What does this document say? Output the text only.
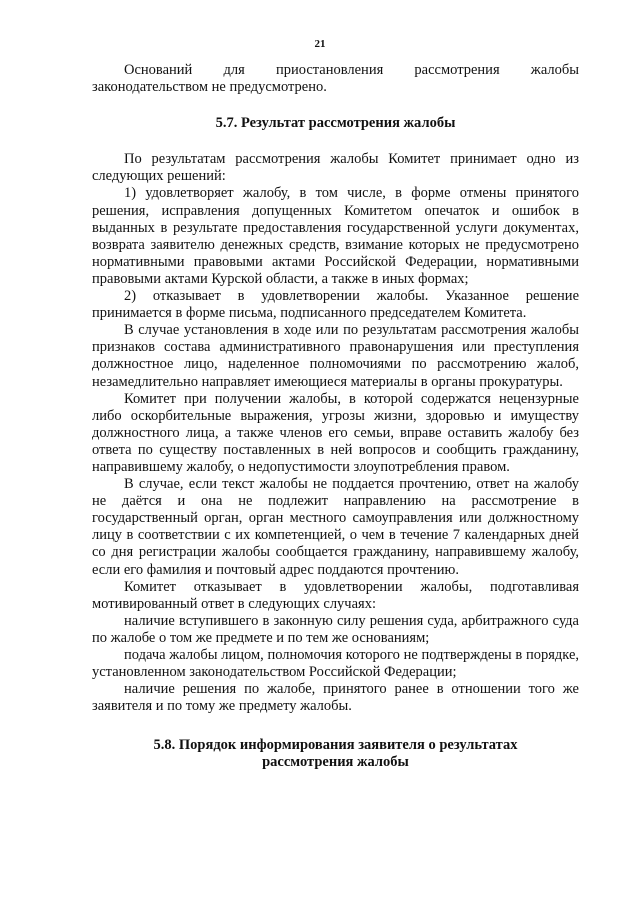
21

Оснований для приостановления рассмотрения жалобы законодательством не предусмотрено.

5.7. Результат рассмотрения жалобы

По результатам рассмотрения жалобы Комитет принимает одно из следующих решений:

1) удовлетворяет жалобу, в том числе, в форме отмены принятого решения, исправления допущенных Комитетом опечаток и ошибок в выданных в результате предоставления государственной услуги документах, возврата заявителю денежных средств, взимание которых не предусмотрено нормативными правовыми актами Российской Федерации, нормативными правовыми актами Курской области, а также в иных формах;

2) отказывает в удовлетворении жалобы. Указанное решение принимается в форме письма, подписанного председателем Комитета.

В случае установления в ходе или по результатам рассмотрения жалобы признаков состава административного правонарушения или преступления должностное лицо, наделенное полномочиями по рассмотрению жалоб, незамедлительно направляет имеющиеся материалы в органы прокуратуры.

Комитет при получении жалобы, в которой содержатся нецензурные либо оскорбительные выражения, угрозы жизни, здоровью и имуществу должностного лица, а также членов его семьи, вправе оставить жалобу без ответа по существу поставленных в ней вопросов и сообщить гражданину, направившему жалобу, о недопустимости злоупотребления правом.

В случае, если текст жалобы не поддается прочтению, ответ на жалобу не даётся и она не подлежит направлению на рассмотрение в государственный орган, орган местного самоуправления или должностному лицу в соответствии с их компетенцией, о чем в течение 7 календарных дней со дня регистрации жалобы сообщается гражданину, направившему жалобу, если его фамилия и почтовый адрес поддаются прочтению.

Комитет отказывает в удовлетворении жалобы, подготавливая мотивированный ответ в следующих случаях:

наличие вступившего в законную силу решения суда, арбитражного суда по жалобе о том же предмете и по тем же основаниям;

подача жалобы лицом, полномочия которого не подтверждены в порядке, установленном законодательством Российской Федерации;

наличие решения по жалобе, принятого ранее в отношении того же заявителя и по тому же предмету жалобы.

5.8. Порядок информирования заявителя о результатах
рассмотрения жалобы
